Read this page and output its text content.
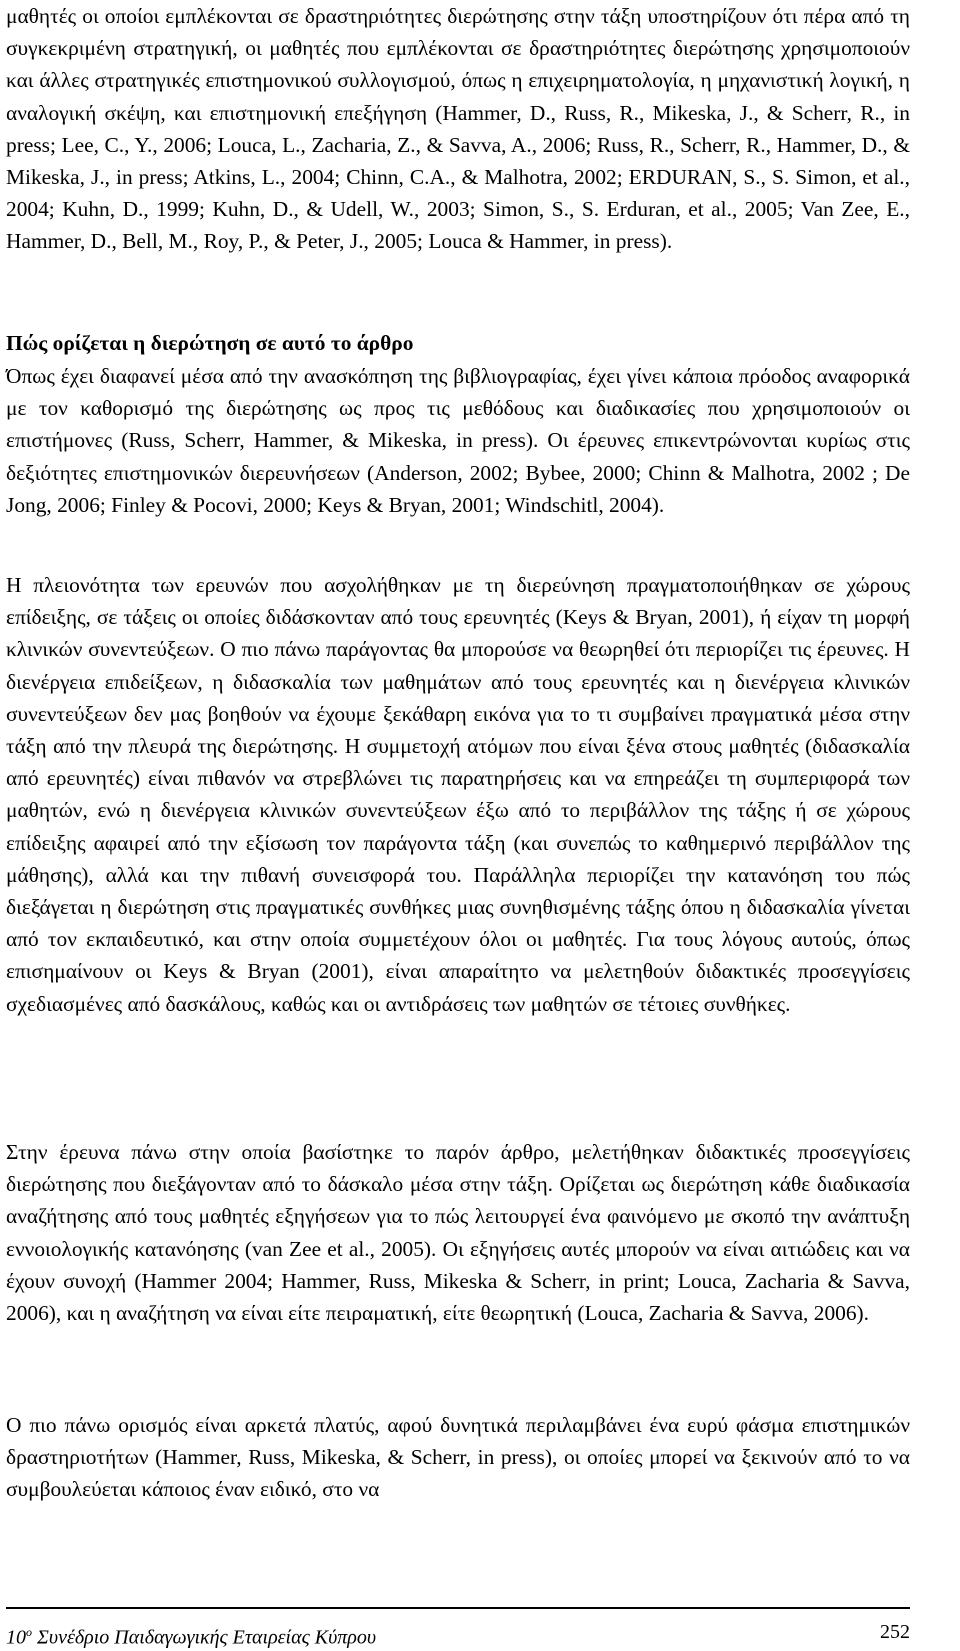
μαθητές οι οποίοι εμπλέκονται σε δραστηριότητες διερώτησης στην τάξη υποστηρίζουν ότι πέρα από τη συγκεκριμένη στρατηγική, οι μαθητές που εμπλέκονται σε δραστηριότητες διερώτησης χρησιμοποιούν και άλλες στρατηγικές επιστημονικού συλλογισμού, όπως η επιχειρηματολογία, η μηχανιστική λογική, η αναλογική σκέψη, και επιστημονική επεξήγηση (Hammer, D., Russ, R., Mikeska, J., & Scherr, R., in press; Lee, C., Y., 2006; Louca, L., Zacharia, Z., & Savva, A., 2006; Russ, R., Scherr, R., Hammer, D., & Mikeska, J., in press; Atkins, L., 2004; Chinn, C.A., & Malhotra, 2002; ERDURAN, S., S. Simon, et al., 2004; Kuhn, D., 1999; Kuhn, D., & Udell, W., 2003; Simon, S., S. Erduran, et al., 2005; Van Zee, E., Hammer, D., Bell, M., Roy, P., & Peter, J., 2005; Louca & Hammer, in press).

Πώς ορίζεται η διερώτηση σε αυτό το άρθρο

Όπως έχει διαφανεί μέσα από την ανασκόπηση της βιβλιογραφίας, έχει γίνει κάποια πρόοδος αναφορικά με τον καθορισμό της διερώτησης ως προς τις μεθόδους και διαδικασίες που χρησιμοποιούν οι επιστήμονες (Russ, Scherr, Hammer, & Mikeska, in press). Οι έρευνες επικεντρώνονται κυρίως στις δεξιότητες επιστημονικών διερευνήσεων (Anderson, 2002; Bybee, 2000; Chinn & Malhotra, 2002 ; De Jong, 2006; Finley & Pocovi, 2000; Keys & Bryan, 2001; Windschitl, 2004).

Η πλειονότητα των ερευνών που ασχολήθηκαν με τη διερεύνηση πραγματοποιήθηκαν σε χώρους επίδειξης, σε τάξεις οι οποίες διδάσκονταν από τους ερευνητές (Keys & Bryan, 2001), ή είχαν τη μορφή κλινικών συνεντεύξεων. Ο πιο πάνω παράγοντας θα μπορούσε να θεωρηθεί ότι περιορίζει τις έρευνες. Η διενέργεια επιδείξεων, η διδασκαλία των μαθημάτων από τους ερευνητές και η διενέργεια κλινικών συνεντεύξεων δεν μας βοηθούν να έχουμε ξεκάθαρη εικόνα για το τι συμβαίνει πραγματικά μέσα στην τάξη από την πλευρά της διερώτησης. Η συμμετοχή ατόμων που είναι ξένα στους μαθητές (διδασκαλία από ερευνητές) είναι πιθανόν να στρεβλώνει τις παρατηρήσεις και να επηρεάζει τη συμπεριφορά των μαθητών, ενώ η διενέργεια κλινικών συνεντεύξεων έξω από το περιβάλλον της τάξης ή σε χώρους επίδειξης αφαιρεί από την εξίσωση τον παράγοντα τάξη (και συνεπώς το καθημερινό περιβάλλον της μάθησης), αλλά και την πιθανή συνεισφορά του. Παράλληλα περιορίζει την κατανόηση του πώς διεξάγεται η διερώτηση στις πραγματικές συνθήκες μιας συνηθισμένης τάξης όπου η διδασκαλία γίνεται από τον εκπαιδευτικό, και στην οποία συμμετέχουν όλοι οι μαθητές. Για τους λόγους αυτούς, όπως επισημαίνουν οι Keys & Bryan (2001), είναι απαραίτητο να μελετηθούν διδακτικές προσεγγίσεις σχεδιασμένες από δασκάλους, καθώς και οι αντιδράσεις των μαθητών σε τέτοιες συνθήκες.

Στην έρευνα πάνω στην οποία βασίστηκε το παρόν άρθρο, μελετήθηκαν διδακτικές προσεγγίσεις διερώτησης που διεξάγονταν από το δάσκαλο μέσα στην τάξη. Ορίζεται ως διερώτηση κάθε διαδικασία αναζήτησης από τους μαθητές εξηγήσεων για το πώς λειτουργεί ένα φαινόμενο με σκοπό την ανάπτυξη εννοιολογικής κατανόησης (van Zee et al., 2005). Οι εξηγήσεις αυτές μπορούν να είναι αιτιώδεις και να έχουν συνοχή (Hammer 2004; Hammer, Russ, Mikeska & Scherr, in print; Louca, Zacharia & Savva, 2006), και η αναζήτηση να είναι είτε πειραματική, είτε θεωρητική (Louca, Zacharia & Savva, 2006).

Ο πιο πάνω ορισμός είναι αρκετά πλατύς, αφού δυνητικά περιλαμβάνει ένα ευρύ φάσμα επιστημικών δραστηριοτήτων (Hammer, Russ, Mikeska, & Scherr, in press), οι οποίες μπορεί να ξεκινούν από το να συμβουλεύεται κάποιος έναν ειδικό, στο να

$10^o$ Συνέδριο Παιδαγωγικής Εταιρείας Κύπρου	252
